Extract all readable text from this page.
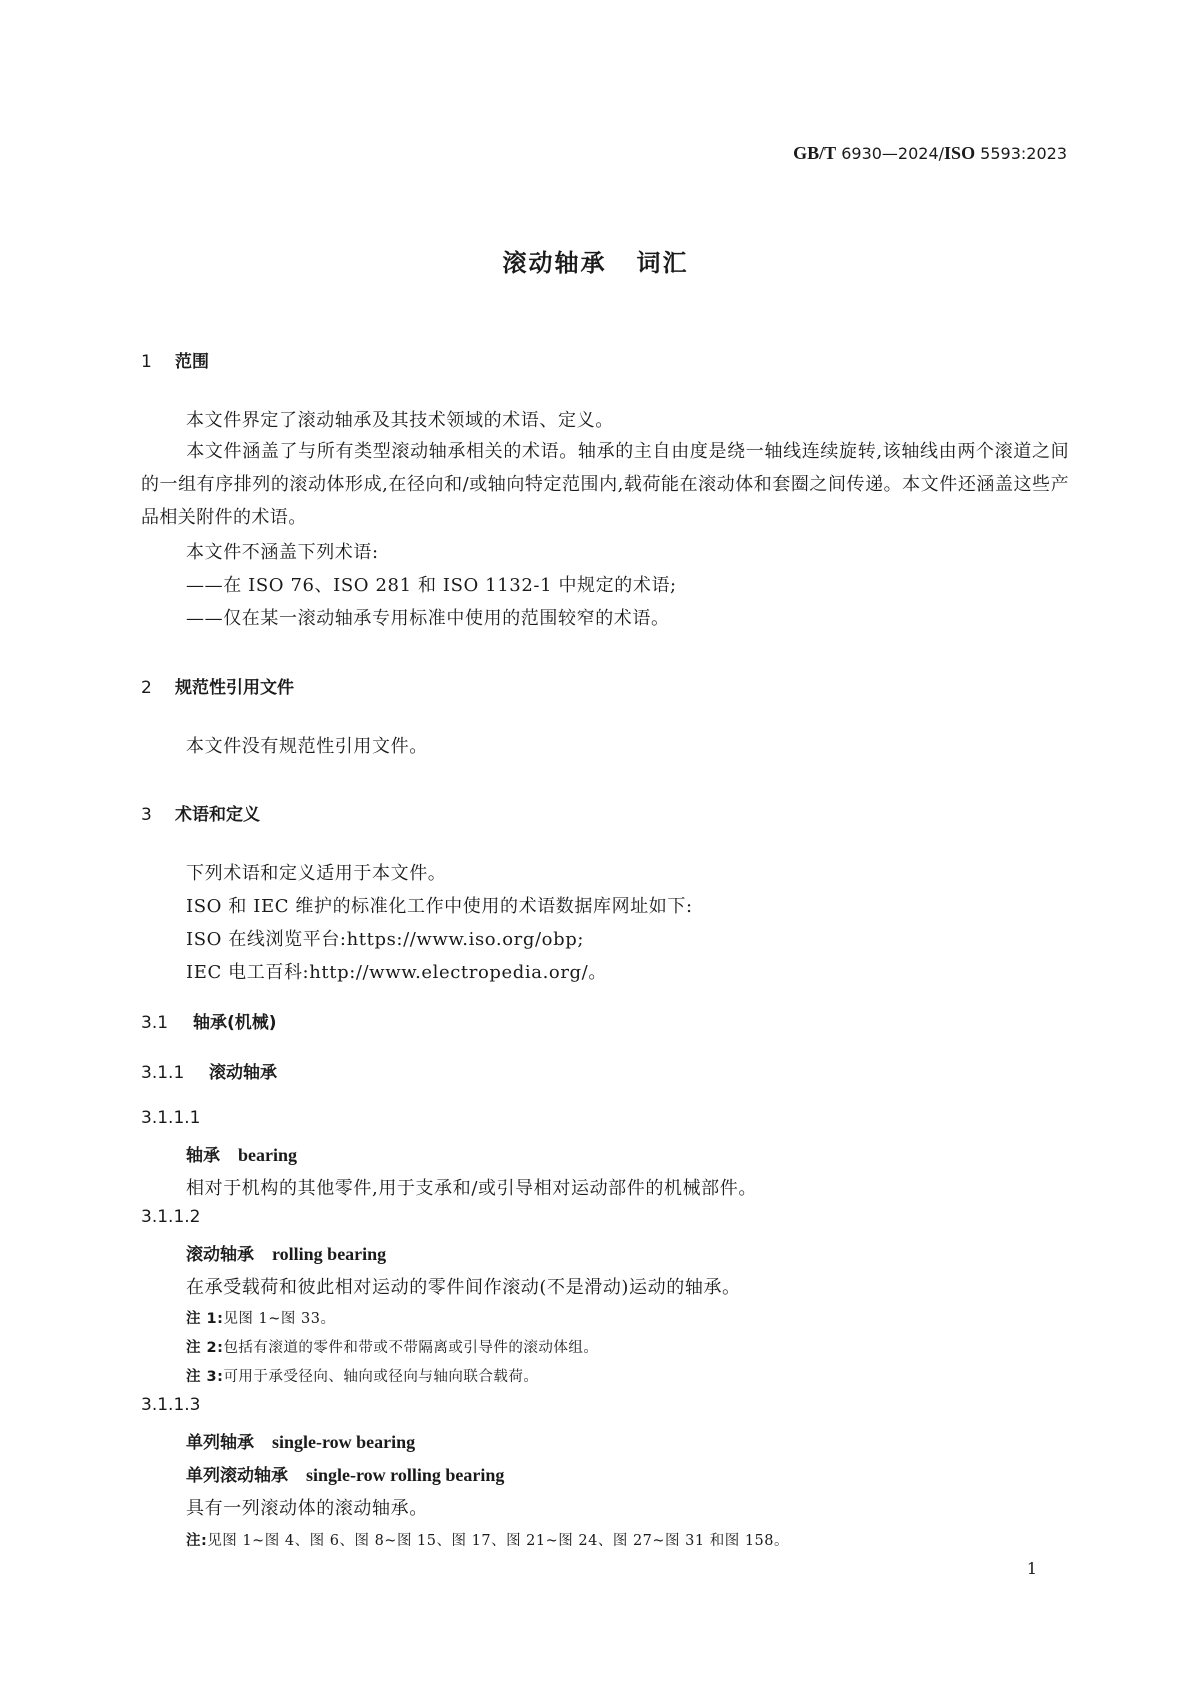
GB/T 6930—2024/ISO 5593:2023
滚动轴承 词汇
1 范围
本文件界定了滚动轴承及其技术领域的术语、定义。
本文件涵盖了与所有类型滚动轴承相关的术语。轴承的主自由度是绕一轴线连续旋转,该轴线由两个滚道之间的一组有序排列的滚动体形成,在径向和/或轴向特定范围内,载荷能在滚动体和套圈之间传递。本文件还涵盖这些产品相关附件的术语。
本文件不涵盖下列术语:
——在 ISO 76、ISO 281 和 ISO 1132-1 中规定的术语;
——仅在某一滚动轴承专用标准中使用的范围较窄的术语。
2 规范性引用文件
本文件没有规范性引用文件。
3 术语和定义
下列术语和定义适用于本文件。
ISO 和 IEC 维护的标准化工作中使用的术语数据库网址如下:
ISO 在线浏览平台:https://www.iso.org/obp;
IEC 电工百科:http://www.electropedia.org/。
3.1 轴承(机械)
3.1.1 滚动轴承
3.1.1.1
轴承 bearing
相对于机构的其他零件,用于支承和/或引导相对运动部件的机械部件。
3.1.1.2
滚动轴承 rolling bearing
在承受载荷和彼此相对运动的零件间作滚动(不是滑动)运动的轴承。
注 1:见图 1~图 33。
注 2:包括有滚道的零件和带或不带隔离或引导件的滚动体组。
注 3:可用于承受径向、轴向或径向与轴向联合载荷。
3.1.1.3
单列轴承 single-row bearing
单列滚动轴承 single-row rolling bearing
具有一列滚动体的滚动轴承。
注:见图 1~图 4、图 6、图 8~图 15、图 17、图 21~图 24、图 27~图 31 和图 158。
1
